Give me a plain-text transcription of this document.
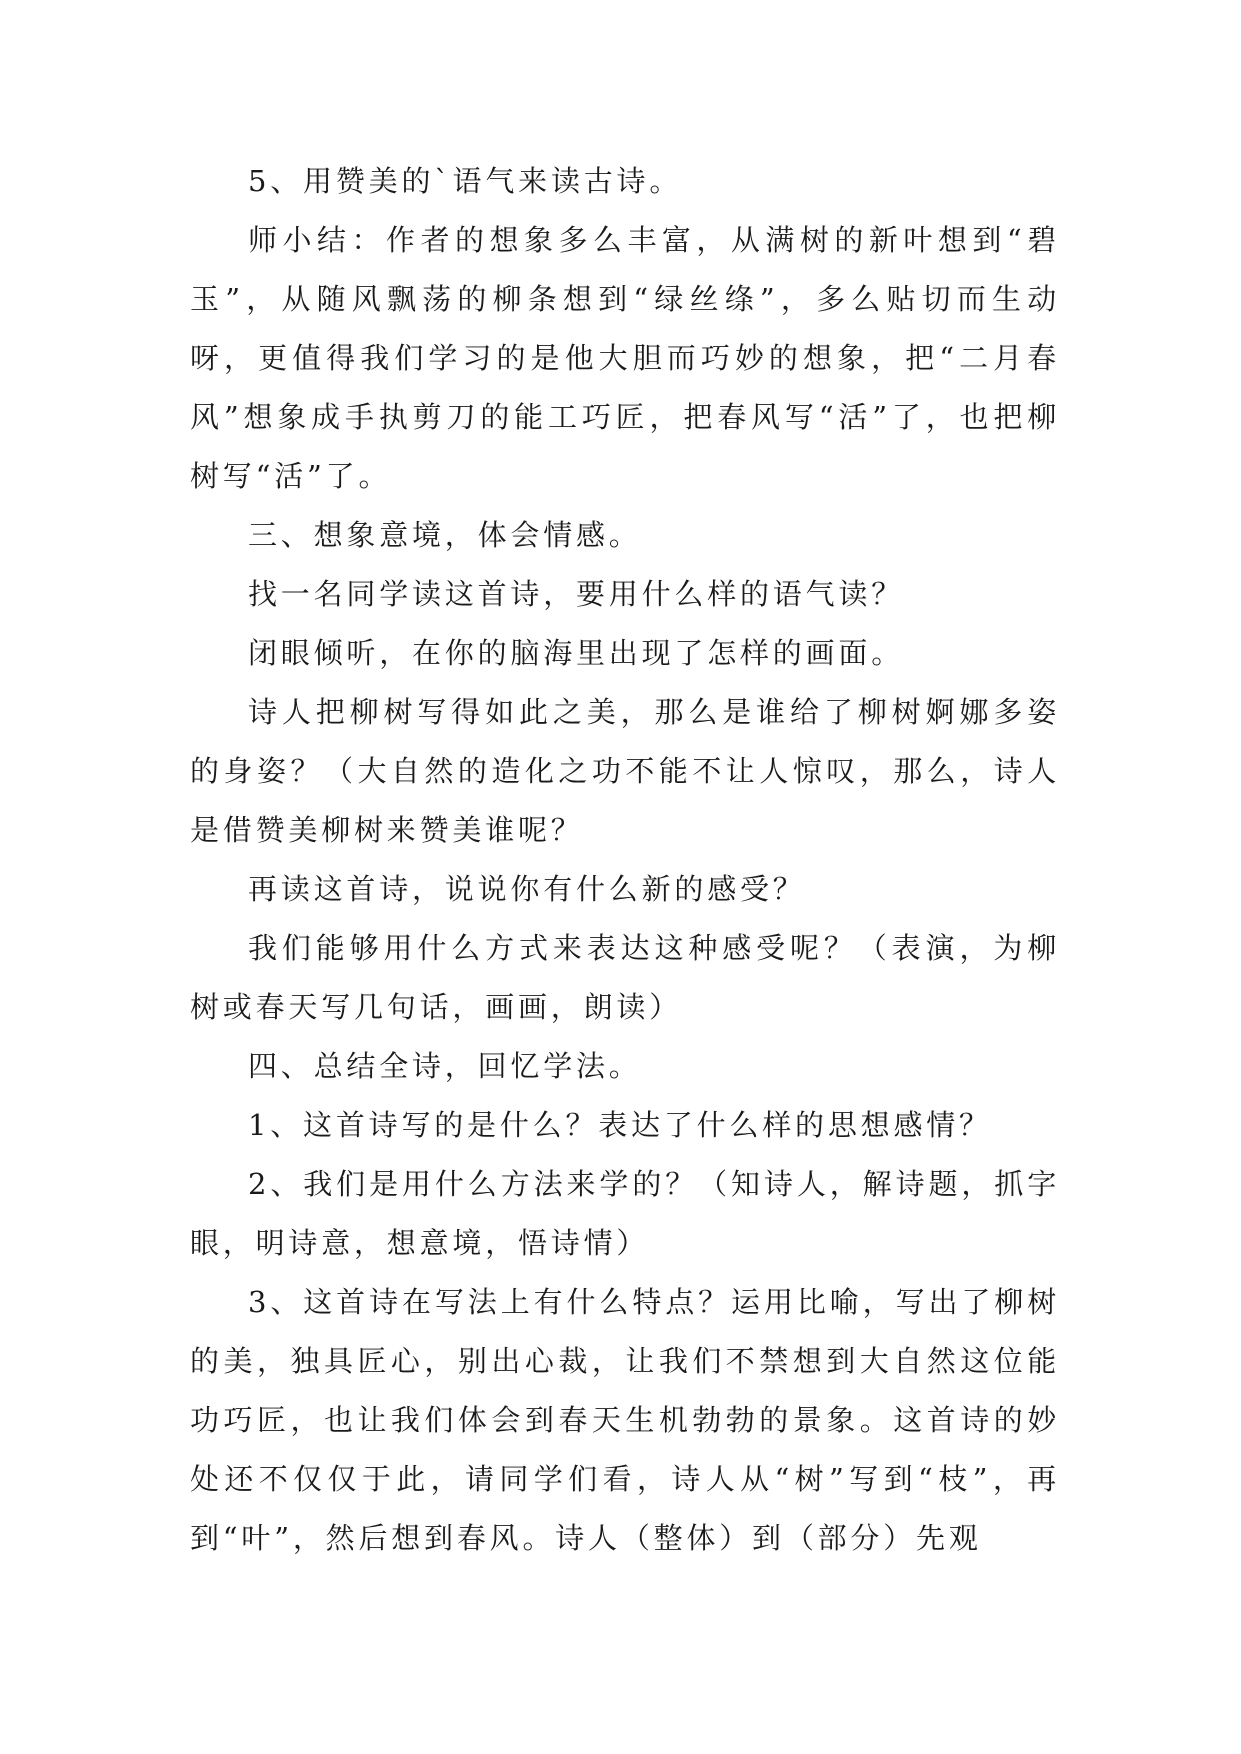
5、用赞美的`语气来读古诗。

师小结：作者的想象多么丰富，从满树的新叶想到“碧玉”，从随风飘荡的柳条想到“绿丝绦”，多么贴切而生动呀，更值得我们学习的是他大胆而巧妙的想象，把“二月春风”想象成手执剪刀的能工巧匠，把春风写“活”了，也把柳树写“活”了。

三、想象意境，体会情感。

找一名同学读这首诗，要用什么样的语气读？

闭眼倾听，在你的脑海里出现了怎样的画面。

诗人把柳树写得如此之美，那么是谁给了柳树婀娜多姿的身姿？（大自然的造化之功不能不让人惊叹，那么，诗人是借赞美柳树来赞美谁呢？

再读这首诗，说说你有什么新的感受？

我们能够用什么方式来表达这种感受呢？（表演，为柳树或春天写几句话，画画，朗读）

四、总结全诗，回忆学法。

1、这首诗写的是什么？表达了什么样的思想感情？

2、我们是用什么方法来学的？（知诗人，解诗题，抓字眼，明诗意，想意境，悟诗情）

3、这首诗在写法上有什么特点？运用比喻，写出了柳树的美，独具匠心，别出心裁，让我们不禁想到大自然这位能功巧匠，也让我们体会到春天生机勃勃的景象。这首诗的妙处还不仅仅于此，请同学们看，诗人从“树”写到“枝”，再到“叶”，然后想到春风。诗人（整体）到（部分）先观
